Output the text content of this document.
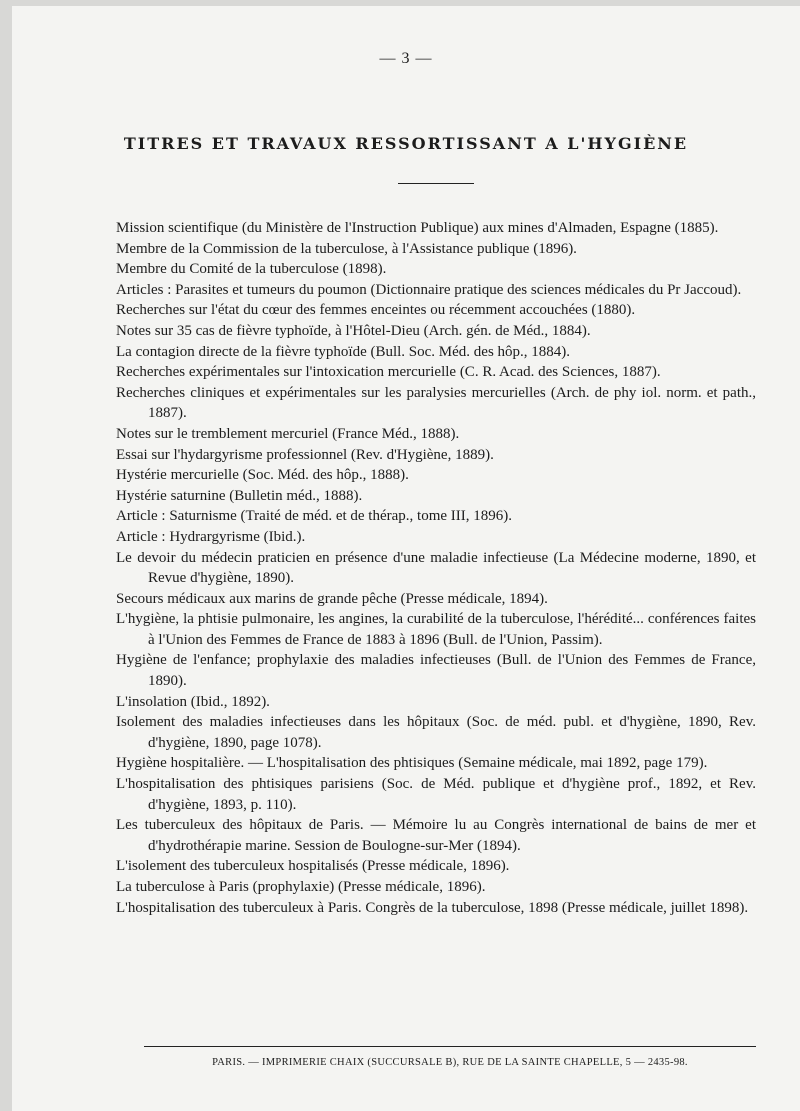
— 3 —
TITRES ET TRAVAUX RESSORTISSANT A L'HYGIÈNE
Mission scientifique (du Ministère de l'Instruction Publique) aux mines d'Almaden, Espagne (1885).
Membre de la Commission de la tuberculose, à l'Assistance publique (1896).
Membre du Comité de la tuberculose (1898).
Articles : Parasites et tumeurs du poumon (Dictionnaire pratique des sciences médicales du Pr Jaccoud).
Recherches sur l'état du cœur des femmes enceintes ou récemment accouchées (1880).
Notes sur 35 cas de fièvre typhoïde, à l'Hôtel-Dieu (Arch. gén. de Méd., 1884).
La contagion directe de la fièvre typhoïde (Bull. Soc. Méd. des hôp., 1884).
Recherches expérimentales sur l'intoxication mercurielle (C. R. Acad. des Sciences, 1887).
Recherches cliniques et expérimentales sur les paralysies mercurielles (Arch. de phy iol. norm. et path., 1887).
Notes sur le tremblement mercuriel (France Méd., 1888).
Essai sur l'hydargyrisme professionnel (Rev. d'Hygiène, 1889).
Hystérie mercurielle (Soc. Méd. des hôp., 1888).
Hystérie saturnine (Bulletin méd., 1888).
Article : Saturnisme (Traité de méd. et de thérap., tome III, 1896).
Article : Hydrargyrisme (Ibid.).
Le devoir du médecin praticien en présence d'une maladie infectieuse (La Médecine moderne, 1890, et Revue d'hygiène, 1890).
Secours médicaux aux marins de grande pêche (Presse médicale, 1894).
L'hygiène, la phtisie pulmonaire, les angines, la curabilité de la tuberculose, l'hérédité... conférences faites à l'Union des Femmes de France de 1883 à 1896 (Bull. de l'Union, Passim).
Hygiène de l'enfance; prophylaxie des maladies infectieuses (Bull. de l'Union des Femmes de France, 1890).
L'insolation (Ibid., 1892).
Isolement des maladies infectieuses dans les hôpitaux (Soc. de méd. publ. et d'hygiène, 1890, Rev. d'hygiène, 1890, page 1078).
Hygiène hospitalière. — L'hospitalisation des phtisiques (Semaine médicale, mai 1892, page 179).
L'hospitalisation des phtisiques parisiens (Soc. de Méd. publique et d'hygiène prof., 1892, et Rev. d'hygiène, 1893, p. 110).
Les tuberculeux des hôpitaux de Paris. — Mémoire lu au Congrès international de bains de mer et d'hydrothérapie marine. Session de Boulogne-sur-Mer (1894).
L'isolement des tuberculeux hospitalisés (Presse médicale, 1896).
La tuberculose à Paris (prophylaxie) (Presse médicale, 1896).
L'hospitalisation des tuberculeux à Paris. Congrès de la tuberculose, 1898 (Presse médicale, juillet 1898).
PARIS. — IMPRIMERIE CHAIX (SUCCURSALE B), RUE DE LA SAINTE CHAPELLE, 5 — 2435-98.
